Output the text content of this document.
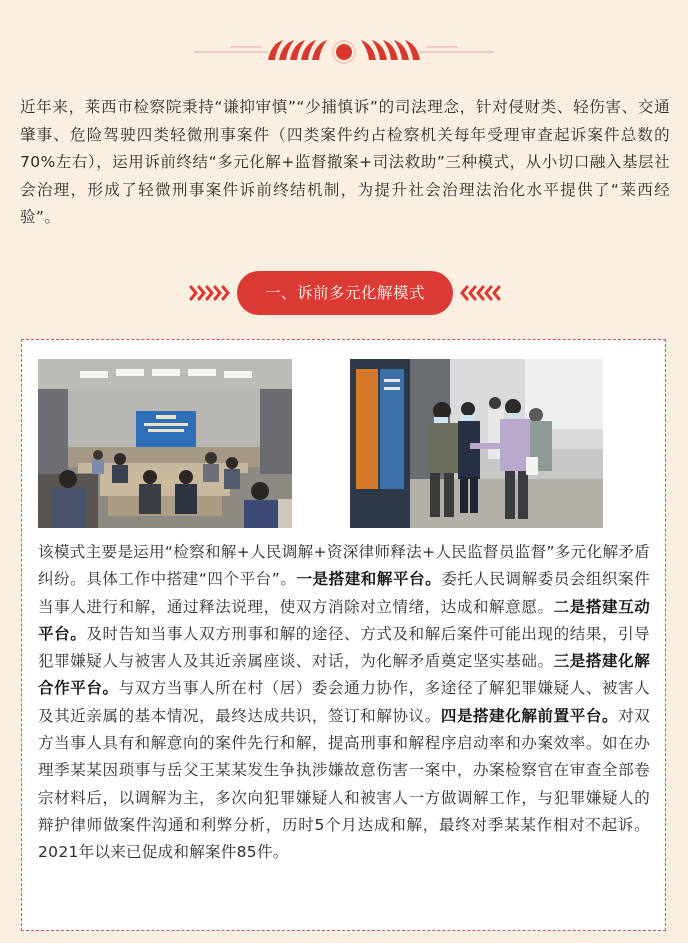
近年来，莱西市检察院秉持“谦抑审慎”“少捕慎诉”的司法理念，针对侵财类、轻伤害、交通肇事、危险驾驶四类轻微刑事案件（四类案件约占检察机关每年受理审查起诉案件总数的70%左右），运用诉前终结“多元化解+监督撤案+司法救助”三种模式，从小切口融入基层社会治理，形成了轻微刑事案件诉前终结机制，为提升社会治理法治化水平提供了“莱西经验”。

一、诉前多元化解模式

该模式主要是运用“检察和解+人民调解+资深律师释法+人民监督员监督”多元化解矛盾纠纷。具体工作中搭建“四个平台”。一是搭建和解平台。委托人民调解委员会组织案件当事人进行和解，通过释法说理，使双方消除对立情绪，达成和解意愿。二是搭建互动平台。及时告知当事人双方刑事和解的途径、方式及和解后案件可能出现的结果，引导犯罪嫌疑人与被害人及其近亲属座谈、对话，为化解矛盾奠定坚实基础。三是搭建化解合作平台。与双方当事人所在村（居）委会通力协作，多途径了解犯罪嫌疑人、被害人及其近亲属的基本情况，最终达成共识，签订和解协议。四是搭建化解前置平台。对双方当事人具有和解意向的案件先行和解，提高刑事和解程序启动率和办案效率。如在办理季某某因琐事与岳父王某某发生争执涉嫌故意伤害一案中，办案检察官在审查全部卷宗材料后，以调解为主，多次向犯罪嫌疑人和被害人一方做调解工作，与犯罪嫌疑人的辩护律师做案件沟通和利弊分析，历时5个月达成和解，最终对季某某作相对不起诉。2021年以来已促成和解案件85件。
